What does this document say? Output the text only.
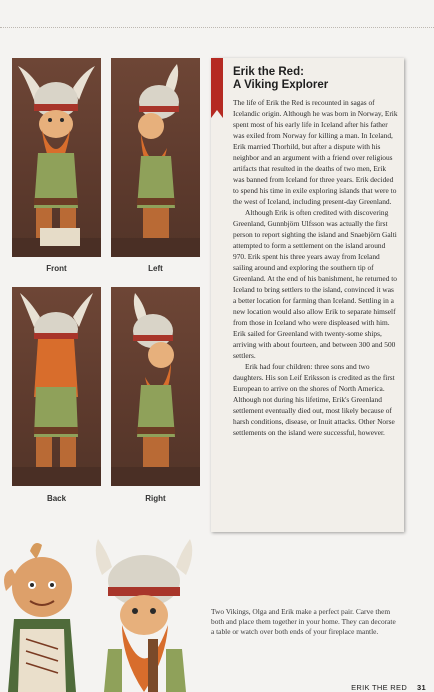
Front	Left
Back	Right
Erik the Red:
A Viking Explorer

The life of Erik the Red is recounted in sagas of Icelandic origin. Although he was born in Norway, Erik spent most of his early life in Iceland after his father was exiled from Norway for killing a man. In Iceland, Erik married Thorhild, but after a dispute with his neighbor and an argument with a friend over religious artifacts that resulted in the deaths of two men, Erik was banned from Iceland for three years. Erik decided to spend his time in exile exploring islands that were to the west of Iceland, including present-day Greenland.

Although Erik is often credited with discovering Greenland, Gunnbjörn Ulfsson was actually the first person to report sighting the island and Snaebjörn Galti attempted to form a settlement on the island around 970. Erik spent his three years away from Iceland sailing around and exploring the southern tip of Greenland. At the end of his banishment, he returned to Iceland to bring settlers to the island, convinced it was a better location for farming than Iceland. Settling in a new location would also allow Erik to separate himself from those in Iceland who were displeased with him. Erik sailed for Greenland with twenty-some ships, arriving with about fourteen, and between 300 and 500 settlers.

Erik had four children: three sons and two daughters. His son Leif Eriksson is credited as the first European to arrive on the shores of North America. Although not during his lifetime, Erik's Greenland settlement eventually died out, most likely because of harsh conditions, disease, or Inuit attacks. Other Norse settlements on the island were successful, however.

Two Vikings, Olga and Erik make a perfect pair. Carve them both and place them together in your home. They can decorate a table or watch over both ends of your fireplace mantle.
ERIK THE RED 31
